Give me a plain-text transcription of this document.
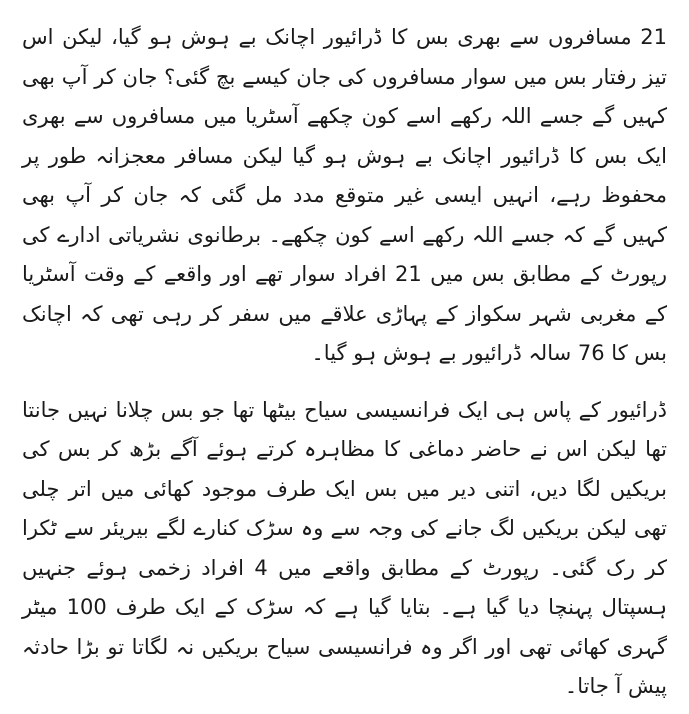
21 مسافروں سے بھری بس کا ڈرائیور اچانک بے ہوش ہو گیا، لیکن اس تیز رفتار بس میں سوار مسافروں کی جان کیسے بچ گئی؟ جان کر آپ بھی کہیں گے جسے اللہ رکھے اسے کون چکھے آسٹریا میں مسافروں سے بھری ایک بس کا ڈرائیور اچانک بے ہوش ہو گیا لیکن مسافر معجزانہ طور پر محفوظ رہے، انہیں ایسی غیر متوقع مدد مل گئی کہ جان کر آپ بھی کہیں گے کہ جسے اللہ رکھے اسے کون چکھے۔ برطانوی نشریاتی ادارے کی رپورٹ کے مطابق بس میں 21 افراد سوار تھے اور واقعے کے وقت آسٹریا کے مغربی شہر سکواز کے پہاڑی علاقے میں سفر کر رہی تھی کہ اچانک بس کا 76 سالہ ڈرائیور بے ہوش ہو گیا۔

ڈرائیور کے پاس ہی ایک فرانسیسی سیاح بیٹھا تھا جو بس چلانا نہیں جانتا تھا لیکن اس نے حاضر دماغی کا مظاہرہ کرتے ہوئے آگے بڑھ کر بس کی بریکیں لگا دیں، اتنی دیر میں بس ایک طرف موجود کھائی میں اتر چلی تھی لیکن بریکیں لگ جانے کی وجہ سے وہ سڑک کنارے لگے بیریئر سے ٹکرا کر رک گئی۔ رپورٹ کے مطابق واقعے میں 4 افراد زخمی ہوئے جنہیں ہسپتال پہنچا دیا گیا ہے۔ بتایا گیا ہے کہ سڑک کے ایک طرف 100 میٹر گہری کھائی تھی اور اگر وہ فرانسیسی سیاح بریکیں نہ لگاتا تو بڑا حادثہ پیش آ جاتا۔
